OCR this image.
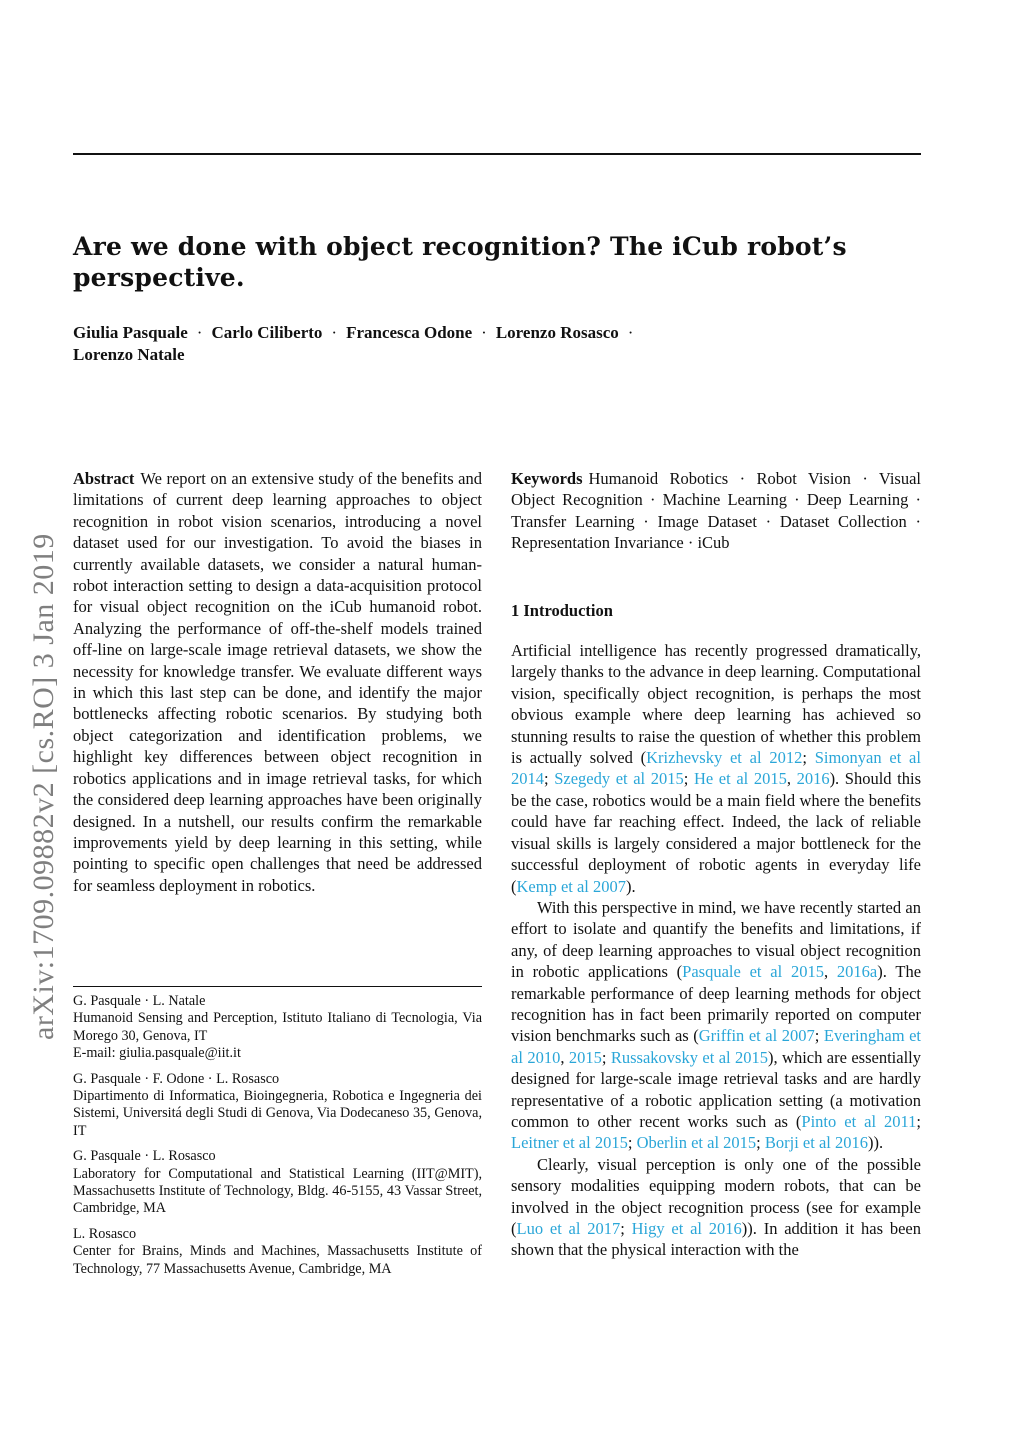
arXiv:1709.09882v2 [cs.RO] 3 Jan 2019
Are we done with object recognition? The iCub robot’s perspective.
Giulia Pasquale · Carlo Ciliberto · Francesca Odone · Lorenzo Rosasco ·
Lorenzo Natale

Abstract We report on an extensive study of the benefits and limitations of current deep learning approaches to object recognition in robot vision scenarios, introducing a novel dataset used for our investigation. To avoid the biases in currently available datasets, we consider a natural human-robot interaction setting to design a data-acquisition protocol for visual object recognition on the iCub humanoid robot. Analyzing the performance of off-the-shelf models trained off-line on large-scale image retrieval datasets, we show the necessity for knowledge transfer. We evaluate different ways in which this last step can be done, and identify the major bottlenecks affecting robotic scenarios. By studying both object categorization and identification problems, we highlight key differences between object recognition in robotics applications and in image retrieval tasks, for which the considered deep learning approaches have been originally designed. In a nutshell, our results confirm the remarkable improvements yield by deep learning in this setting, while pointing to specific open challenges that need be addressed for seamless deployment in robotics.

G. Pasquale · L. Natale
Humanoid Sensing and Perception, Istituto Italiano di Tecnologia, Via Morego 30, Genova, IT
E-mail: giulia.pasquale@iit.it
G. Pasquale · F. Odone · L. Rosasco
Dipartimento di Informatica, Bioingegneria, Robotica e Ingegneria dei Sistemi, Universitá degli Studi di Genova, Via Dodecaneso 35, Genova, IT
G. Pasquale · L. Rosasco
Laboratory for Computational and Statistical Learning (IIT@MIT), Massachusetts Institute of Technology, Bldg. 46-5155, 43 Vassar Street, Cambridge, MA
L. Rosasco
Center for Brains, Minds and Machines, Massachusetts Institute of Technology, 77 Massachusetts Avenue, Cambridge, MA

Keywords Humanoid Robotics · Robot Vision · Visual Object Recognition · Machine Learning · Deep Learning · Transfer Learning · Image Dataset · Dataset Collection · Representation Invariance · iCub

1 Introduction

Artificial intelligence has recently progressed dramatically, largely thanks to the advance in deep learning. Computational vision, specifically object recognition, is perhaps the most obvious example where deep learning has achieved so stunning results to raise the question of whether this problem is actually solved (Krizhevsky et al 2012; Simonyan et al 2014; Szegedy et al 2015; He et al 2015, 2016). Should this be the case, robotics would be a main field where the benefits could have far reaching effect. Indeed, the lack of reliable visual skills is largely considered a major bottleneck for the successful deployment of robotic agents in everyday life (Kemp et al 2007).

With this perspective in mind, we have recently started an effort to isolate and quantify the benefits and limitations, if any, of deep learning approaches to visual object recognition in robotic applications (Pasquale et al 2015, 2016a). The remarkable performance of deep learning methods for object recognition has in fact been primarily reported on computer vision benchmarks such as (Griffin et al 2007; Everingham et al 2010, 2015; Russakovsky et al 2015), which are essentially designed for large-scale image retrieval tasks and are hardly representative of a robotic application setting (a motivation common to other recent works such as (Pinto et al 2011; Leitner et al 2015; Oberlin et al 2015; Borji et al 2016)).

Clearly, visual perception is only one of the possible sensory modalities equipping modern robots, that can be involved in the object recognition process (see for example (Luo et al 2017; Higy et al 2016)). In addition it has been shown that the physical interaction with the
